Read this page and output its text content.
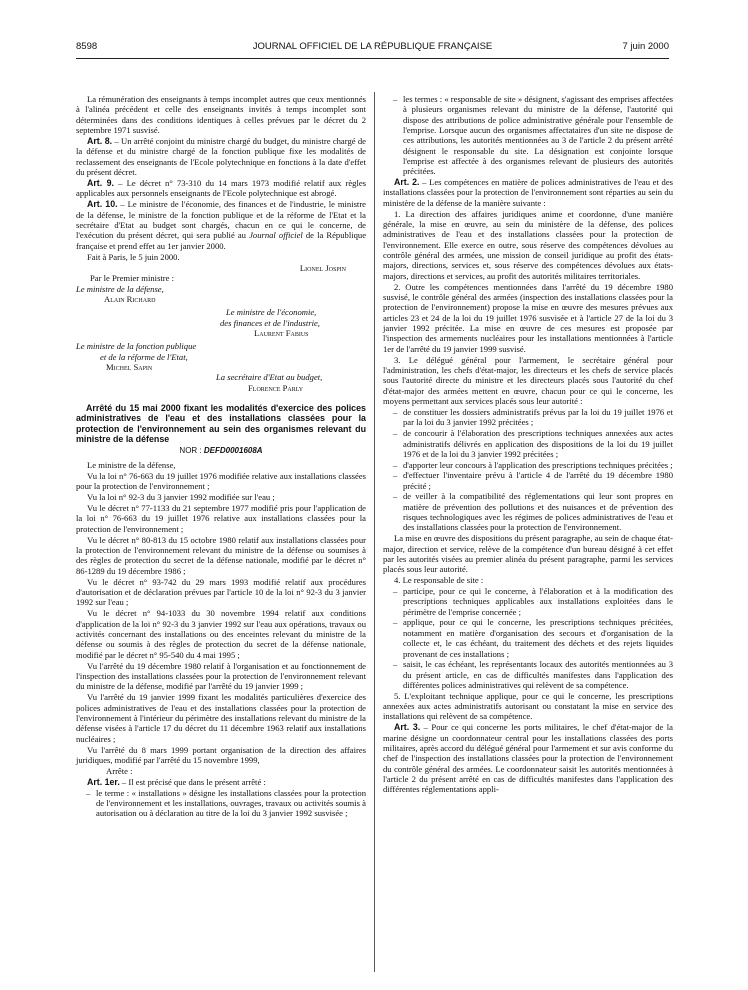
8598	JOURNAL OFFICIEL DE LA RÉPUBLIQUE FRANÇAISE	7 juin 2000

La rémunération des enseignants à temps incomplet autres que ceux mentionnés à l'alinéa précédent et celle des enseignants invités à temps incomplet sont déterminées dans des conditions identiques à celles prévues par le décret du 2 septembre 1971 susvisé.

Art. 8. – Un arrêté conjoint du ministre chargé du budget, du ministre chargé de la défense et du ministre chargé de la fonction publique fixe les modalités de reclassement des enseignants de l'Ecole polytechnique en fonctions à la date d'effet du présent décret.

Art. 9. – Le décret n° 73-310 du 14 mars 1973 modifié relatif aux règles applicables aux personnels enseignants de l'Ecole polytechnique est abrogé.

Art. 10. – Le ministre de l'économie, des finances et de l'industrie, le ministre de la défense, le ministre de la fonction publique et de la réforme de l'Etat et la secrétaire d'Etat au budget sont chargés, chacun en ce qui le concerne, de l'exécution du présent décret, qui sera publié au Journal officiel de la République française et prend effet au 1er janvier 2000.

Fait à Paris, le 5 juin 2000.

Lionel Jospin
Par le Premier ministre :
Le ministre de la défense,
Alain Richard
Le ministre de l'économie,
des finances et de l'industrie,
Laurent Fabius
Le ministre de la fonction publique
et de la réforme de l'Etat,
Michel Sapin
La secrétaire d'Etat au budget,
Florence Parly
Arrêté du 15 mai 2000 fixant les modalités d'exercice des polices administratives de l'eau et des installations classées pour la protection de l'environnement au sein des organismes relevant du ministre de la défense
NOR : DEFD0001608A

Le ministre de la défense,

Vu la loi n° 76-663 du 19 juillet 1976 modifiée relative aux installations classées pour la protection de l'environnement ;

Vu la loi n° 92-3 du 3 janvier 1992 modifiée sur l'eau ;

Vu le décret n° 77-1133 du 21 septembre 1977 modifié pris pour l'application de la loi n° 76-663 du 19 juillet 1976 relative aux installations classées pour la protection de l'environnement ;

Vu le décret n° 80-813 du 15 octobre 1980 relatif aux installations classées pour la protection de l'environnement relevant du ministre de la défense ou soumises à des règles de protection du secret de la défense nationale, modifié par le décret n° 86-1289 du 19 décembre 1986 ;

Vu le décret n° 93-742 du 29 mars 1993 modifié relatif aux procédures d'autorisation et de déclaration prévues par l'article 10 de la loi n° 92-3 du 3 janvier 1992 sur l'eau ;

Vu le décret n° 94-1033 du 30 novembre 1994 relatif aux conditions d'application de la loi n° 92-3 du 3 janvier 1992 sur l'eau aux opérations, travaux ou activités concernant des installations ou des enceintes relevant du ministre de la défense ou soumis à des règles de protection du secret de la défense nationale, modifié par le décret n° 95-540 du 4 mai 1995 ;

Vu l'arrêté du 19 décembre 1980 relatif à l'organisation et au fonctionnement de l'inspection des installations classées pour la protection de l'environnement relevant du ministre de la défense, modifié par l'arrêté du 19 janvier 1999 ;

Vu l'arrêté du 19 janvier 1999 fixant les modalités particulières d'exercice des polices administratives de l'eau et des installations classées pour la protection de l'environnement à l'intérieur du périmètre des installations relevant du ministre de la défense visées à l'article 17 du décret du 11 décembre 1963 relatif aux installations nucléaires ;

Vu l'arrêté du 8 mars 1999 portant organisation de la direction des affaires juridiques, modifié par l'arrêté du 15 novembre 1999,

Arrête :

Art. 1er. – Il est précisé que dans le présent arrêté :

– le terme : « installations » désigne les installations classées pour la protection de l'environnement et les installations, ouvrages, travaux ou activités soumis à autorisation ou à déclaration au titre de la loi du 3 janvier 1992 susvisée ;
– les termes : « responsable de site » désignent, s'agissant des emprises affectées à plusieurs organismes relevant du ministre de la défense, l'autorité qui dispose des attributions de police administrative générale pour l'ensemble de l'emprise. Lorsque aucun des organismes affectataires d'un site ne dispose de ces attributions, les autorités mentionnées au 3 de l'article 2 du présent arrêté désignent le responsable du site. La désignation est conjointe lorsque l'emprise est affectée à des organismes relevant de plusieurs des autorités précitées.

Art. 2. – Les compétences en matière de polices administratives de l'eau et des installations classées pour la protection de l'environnement sont réparties au sein du ministère de la défense de la manière suivante :

1. La direction des affaires juridiques anime et coordonne, d'une manière générale, la mise en œuvre, au sein du ministère de la défense, des polices administratives de l'eau et des installations classées pour la protection de l'environnement. Elle exerce en outre, sous réserve des compétences dévolues au contrôle général des armées, une mission de conseil juridique au profit des états-majors, directions, services et, sous réserve des compétences dévolues aux états-majors, directions et services, au profit des autorités militaires territoriales.

2. Outre les compétences mentionnées dans l'arrêté du 19 décembre 1980 susvisé, le contrôle général des armées (inspection des installations classées pour la protection de l'environnement) propose la mise en œuvre des mesures prévues aux articles 23 et 24 de la loi du 19 juillet 1976 susvisée et à l'article 27 de la loi du 3 janvier 1992 précitée. La mise en œuvre de ces mesures est proposée par l'inspection des armements nucléaires pour les installations mentionnées à l'article 1er de l'arrêté du 19 janvier 1999 susvisé.

3. Le délégué général pour l'armement, le secrétaire général pour l'administration, les chefs d'état-major, les directeurs et les chefs de service placés sous l'autorité directe du ministre et les directeurs placés sous l'autorité du chef d'état-major des armées mettent en œuvre, chacun pour ce qui le concerne, les moyens permettant aux services placés sous leur autorité :

– de constituer les dossiers administratifs prévus par la loi du 19 juillet 1976 et par la loi du 3 janvier 1992 précitées ;
– de concourir à l'élaboration des prescriptions techniques annexées aux actes administratifs délivrés en application des dispositions de la loi du 19 juillet 1976 et de la loi du 3 janvier 1992 précitées ;
– d'apporter leur concours à l'application des prescriptions techniques précitées ;
– d'effectuer l'inventaire prévu à l'article 4 de l'arrêté du 19 décembre 1980 précité ;
– de veiller à la compatibilité des réglementations qui leur sont propres en matière de prévention des pollutions et des nuisances et de prévention des risques technologiques avec les régimes de polices administratives de l'eau et des installations classées pour la protection de l'environnement.

La mise en œuvre des dispositions du présent paragraphe, au sein de chaque état-major, direction et service, relève de la compétence d'un bureau désigné à cet effet par les autorités visées au premier alinéa du présent paragraphe, parmi les services placés sous leur autorité.

4. Le responsable de site :

– participe, pour ce qui le concerne, à l'élaboration et à la modification des prescriptions techniques applicables aux installations exploitées dans le périmètre de l'emprise concernée ;
– applique, pour ce qui le concerne, les prescriptions techniques précitées, notamment en matière d'organisation des secours et d'organisation de la collecte et, le cas échéant, du traitement des déchets et des rejets liquides provenant de ces installations ;
– saisit, le cas échéant, les représentants locaux des autorités mentionnées au 3 du présent article, en cas de difficultés manifestes dans l'application des différentes polices administratives qui relèvent de sa compétence.

5. L'exploitant technique applique, pour ce qui le concerne, les prescriptions annexées aux actes administratifs autorisant ou constatant la mise en service des installations qui relèvent de sa compétence.

Art. 3. – Pour ce qui concerne les ports militaires, le chef d'état-major de la marine désigne un coordonnateur central pour les installations classées des ports militaires, après accord du délégué général pour l'armement et sur avis conforme du chef de l'inspection des installations classées pour la protection de l'environnement du contrôle général des armées. Le coordonnateur saisit les autorités mentionnées à l'article 2 du présent arrêté en cas de difficultés manifestes dans l'application des différentes réglementations appli-
